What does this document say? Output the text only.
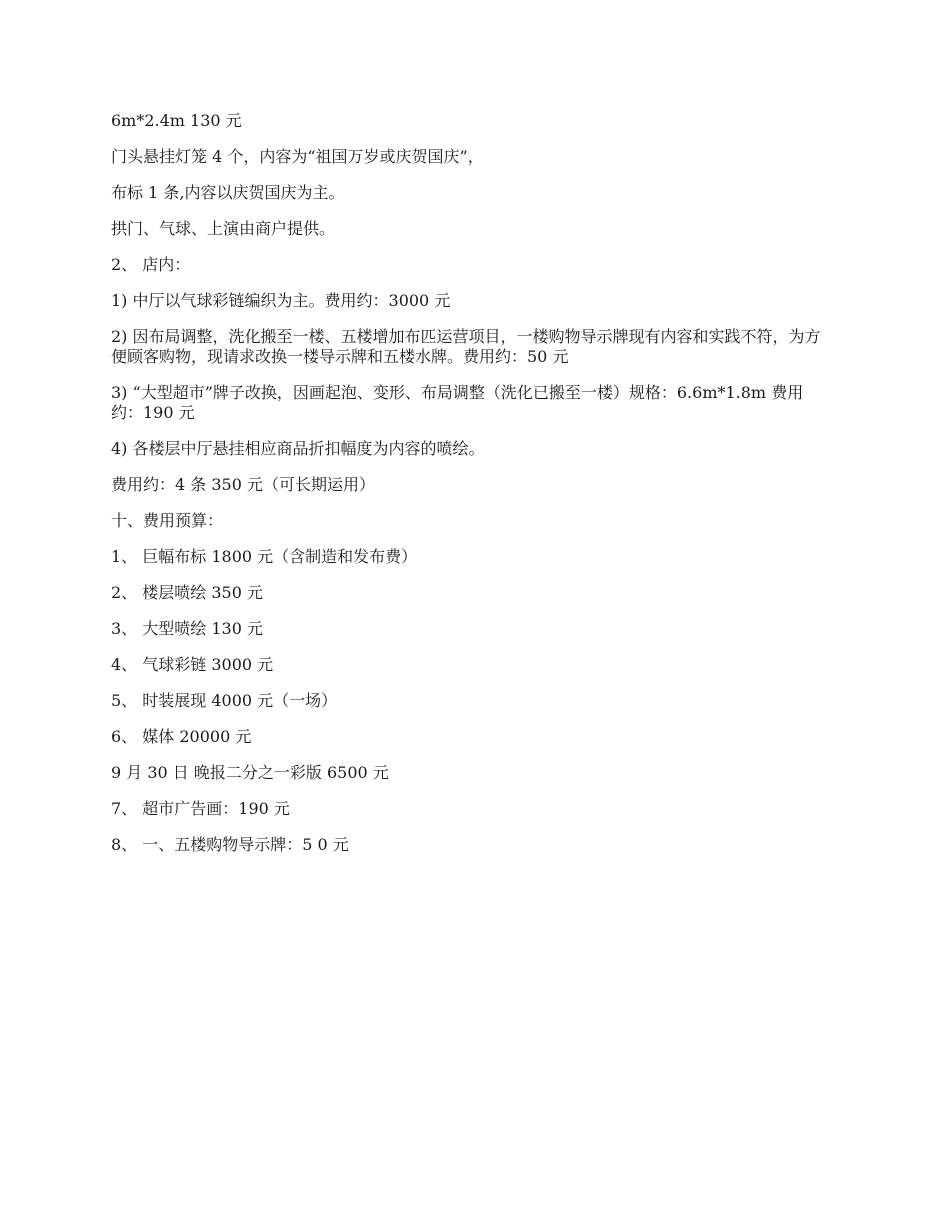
6m*2.4m 130 元

门头悬挂灯笼 4 个，内容为“祖国万岁或庆贺国庆”，

布标 1 条,内容以庆贺国庆为主。

拱门、气球、上演由商户提供。

2、 店内：

1) 中厅以气球彩链编织为主。费用约：3000 元

2) 因布局调整，洗化搬至一楼、五楼增加布匹运营项目，一楼购物导示牌现有内容和实践不符，为方便顾客购物，现请求改换一楼导示牌和五楼水牌。费用约：50 元

3) “大型超市”牌子改换，因画起泡、变形、布局调整（洗化已搬至一楼）规格：6.6m*1.8m 费用约：190 元

4) 各楼层中厅悬挂相应商品折扣幅度为内容的喷绘。

费用约：4 条 350 元（可长期运用）

十、费用预算：

1、 巨幅布标 1800 元（含制造和发布费）

2、 楼层喷绘 350 元

3、 大型喷绘 130 元

4、 气球彩链 3000 元

5、 时装展现 4000 元（一场）

6、 媒体 20000 元

9 月 30 日 晚报二分之一彩版 6500 元

7、 超市广告画：190 元

8、 一、五楼购物导示牌：5 0 元
